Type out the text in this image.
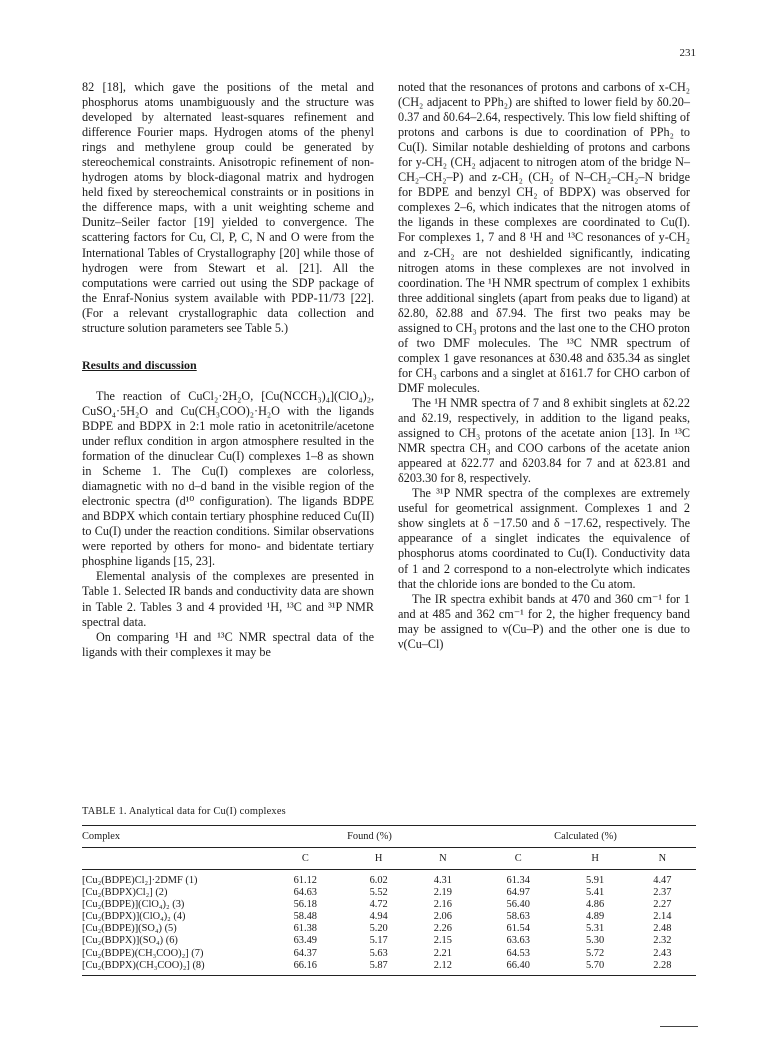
231

82 [18], which gave the positions of the metal and phosphorus atoms unambiguously and the structure was developed by alternated least-squares refinement and difference Fourier maps. Hydrogen atoms of the phenyl rings and methylene group could be generated by stereochemical constraints. Anisotropic refinement of non-hydrogen atoms by block-diagonal matrix and hydrogen held fixed by stereochemical constraints or in positions in the difference maps, with a unit weighting scheme and Dunitz–Seiler factor [19] yielded to convergence. The scattering factors for Cu, Cl, P, C, N and O were from the International Tables of Crystallography [20] while those of hydrogen were from Stewart et al. [21]. All the computations were carried out using the SDP package of the Enraf-Nonius system available with PDP-11/73 [22]. (For a relevant crystallographic data collection and structure solution parameters see Table 5.)

Results and discussion

The reaction of CuCl₂·2H₂O, [Cu(NCCH₃)₄](ClO₄)₂, CuSO₄·5H₂O and Cu(CH₃COO)₂·H₂O with the ligands BDPE and BDPX in 2:1 mole ratio in acetonitrile/acetone under reflux condition in argon atmosphere resulted in the formation of the dinuclear Cu(I) complexes 1–8 as shown in Scheme 1. The Cu(I) complexes are colorless, diamagnetic with no d–d band in the visible region of the electronic spectra (d¹⁰ configuration). The ligands BDPE and BDPX which contain tertiary phosphine reduced Cu(II) to Cu(I) under the reaction conditions. Similar observations were reported by others for mono- and bidentate tertiary phosphine ligands [15, 23].

Elemental analysis of the complexes are presented in Table 1. Selected IR bands and conductivity data are shown in Table 2. Tables 3 and 4 provided ¹H, ¹³C and ³¹P NMR spectral data.

On comparing ¹H and ¹³C NMR spectral data of the ligands with their complexes it may be

noted that the resonances of protons and carbons of x-CH₂ (CH₂ adjacent to PPh₂) are shifted to lower field by δ0.20–0.37 and δ0.64–2.64, respectively. This low field shifting of protons and carbons is due to coordination of PPh₂ to Cu(I). Similar notable deshielding of protons and carbons for y-CH₂ (CH₂ adjacent to nitrogen atom of the bridge N–CH₂–CH₂–P) and z-CH₂ (CH₂ of N–CH₂–CH₂–N bridge for BDPE and benzyl CH₂ of BDPX) was observed for complexes 2–6, which indicates that the nitrogen atoms of the ligands in these complexes are coordinated to Cu(I). For complexes 1, 7 and 8 ¹H and ¹³C resonances of y-CH₂ and z-CH₂ are not deshielded significantly, indicating nitrogen atoms in these complexes are not involved in coordination. The ¹H NMR spectrum of complex 1 exhibits three additional singlets (apart from peaks due to ligand) at δ2.80, δ2.88 and δ7.94. The first two peaks may be assigned to CH₃ protons and the last one to the CHO proton of two DMF molecules. The ¹³C NMR spectrum of complex 1 gave resonances at δ30.48 and δ35.34 as singlet for CH₃ carbons and a singlet at δ161.7 for CHO carbon of DMF molecules.

The ¹H NMR spectra of 7 and 8 exhibit singlets at δ2.22 and δ2.19, respectively, in addition to the ligand peaks, assigned to CH₃ protons of the acetate anion [13]. In ¹³C NMR spectra CH₃ and COO carbons of the acetate anion appeared at δ22.77 and δ203.84 for 7 and at δ23.81 and δ203.30 for 8, respectively.

The ³¹P NMR spectra of the complexes are extremely useful for geometrical assignment. Complexes 1 and 2 show singlets at δ −17.50 and δ −17.62, respectively. The appearance of a singlet indicates the equivalence of phosphorus atoms coordinated to Cu(I). Conductivity data of 1 and 2 correspond to a non-electrolyte which indicates that the chloride ions are bonded to the Cu atom.

The IR spectra exhibit bands at 470 and 360 cm⁻¹ for 1 and at 485 and 362 cm⁻¹ for 2, the higher frequency band may be assigned to ν(Cu–P) and the other one is due to ν(Cu–Cl)

TABLE 1. Analytical data for Cu(I) complexes
Complex	Found (%)			Calculated (%)		
	C	H	N	C	H	N
[Cu₂(BDPE)Cl₂]·2DMF (1)	61.12	6.02	4.31	61.34	5.91	4.47
[Cu₂(BDPX)Cl₂] (2)	64.63	5.52	2.19	64.97	5.41	2.37
[Cu₂(BDPE)](ClO₄)₂ (3)	56.18	4.72	2.16	56.40	4.86	2.27
[Cu₂(BDPX)](ClO₄)₂ (4)	58.48	4.94	2.06	58.63	4.89	2.14
[Cu₂(BDPE)](SO₄) (5)	61.38	5.20	2.26	61.54	5.31	2.48
[Cu₂(BDPX)](SO₄) (6)	63.49	5.17	2.15	63.63	5.30	2.32
[Cu₂(BDPE)(CH₃COO)₂] (7)	64.37	5.63	2.21	64.53	5.72	2.43
[Cu₂(BDPX)(CH₃COO)₂] (8)	66.16	5.87	2.12	66.40	5.70	2.28
